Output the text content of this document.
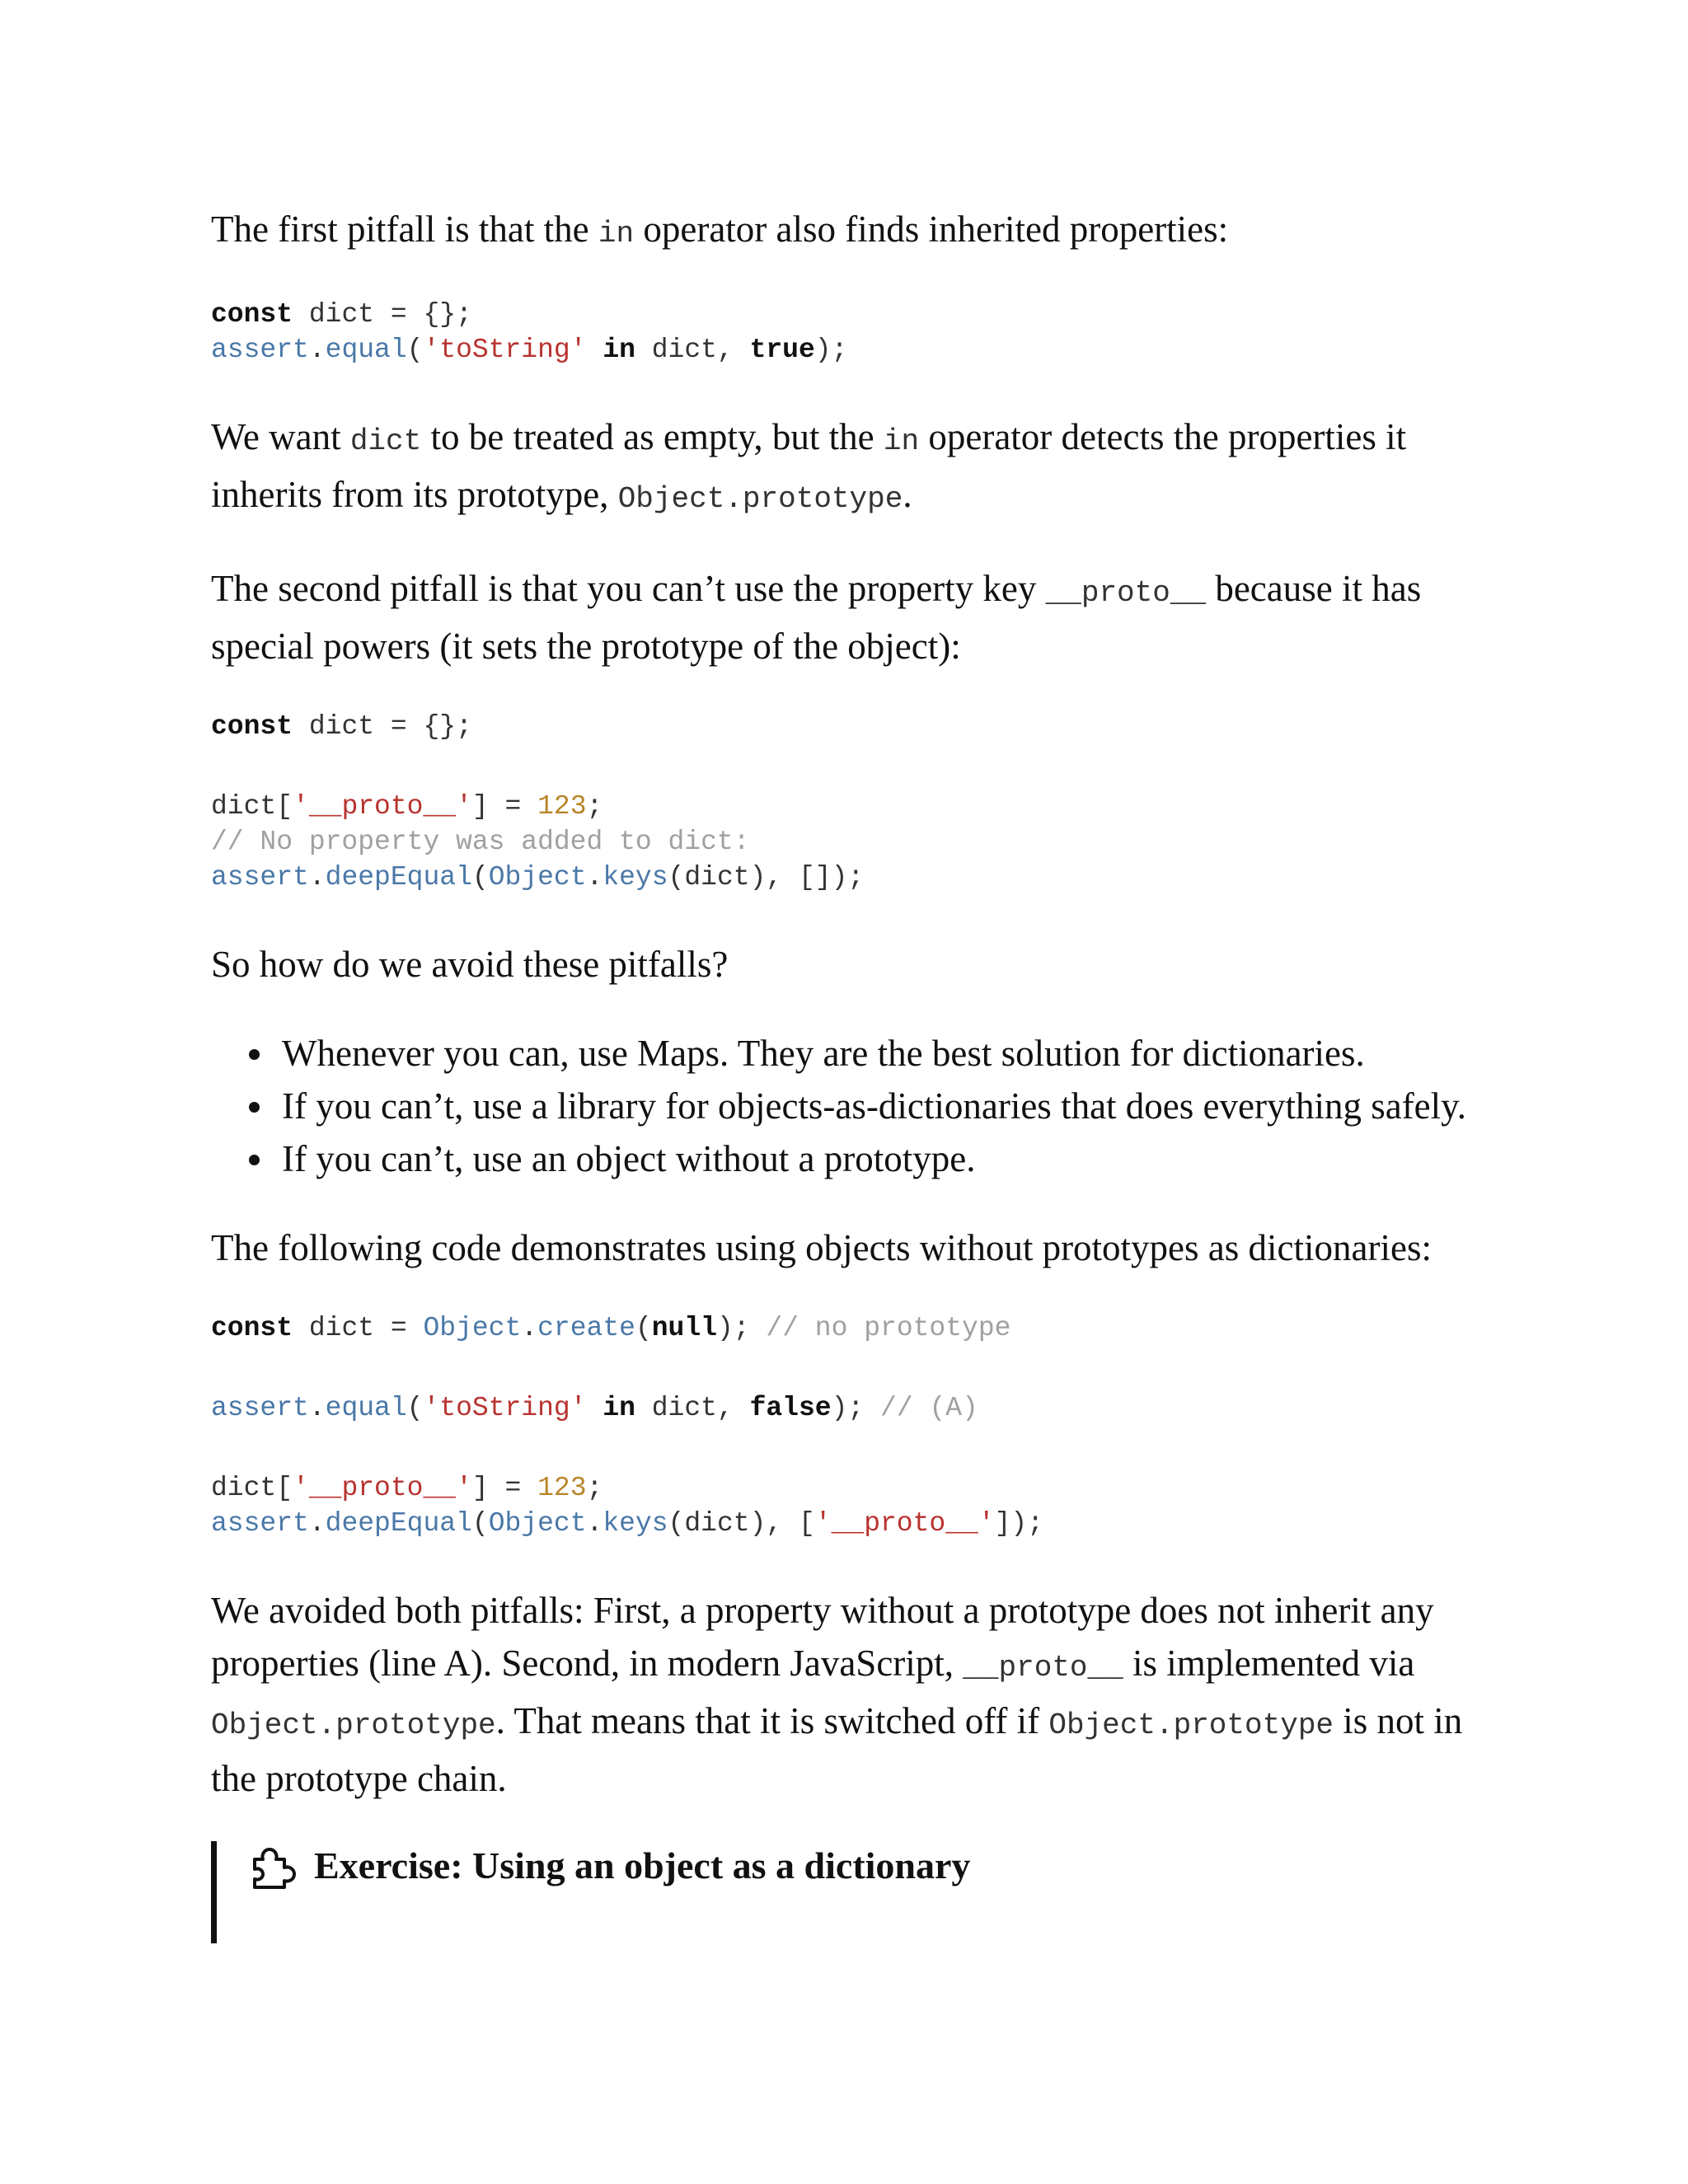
The first pitfall is that the in operator also finds inherited properties:

const dict = {};
assert.equal('toString' in dict, true);

We want dict to be treated as empty, but the in operator detects the properties it inherits from its prototype, Object.prototype.

The second pitfall is that you can’t use the property key __proto__ because it has special powers (it sets the prototype of the object):

const dict = {};
dict['__proto__'] = 123;
// No property was added to dict:
assert.deepEqual(Object.keys(dict), []);

So how do we avoid these pitfalls?

Whenever you can, use Maps. They are the best solution for dictionaries.
If you can’t, use a library for objects-as-dictionaries that does everything safely.
If you can’t, use an object without a prototype.

The following code demonstrates using objects without prototypes as dictionaries:

const dict = Object.create(null); // no prototype
assert.equal('toString' in dict, false); // (A)
dict['__proto__'] = 123;
assert.deepEqual(Object.keys(dict), ['__proto__']);

We avoided both pitfalls: First, a property without a prototype does not inherit any properties (line A). Second, in modern JavaScript, __proto__ is implemented via Object.prototype. That means that it is switched off if Object.prototype is not in the prototype chain.

Exercise: Using an object as a dictionary
